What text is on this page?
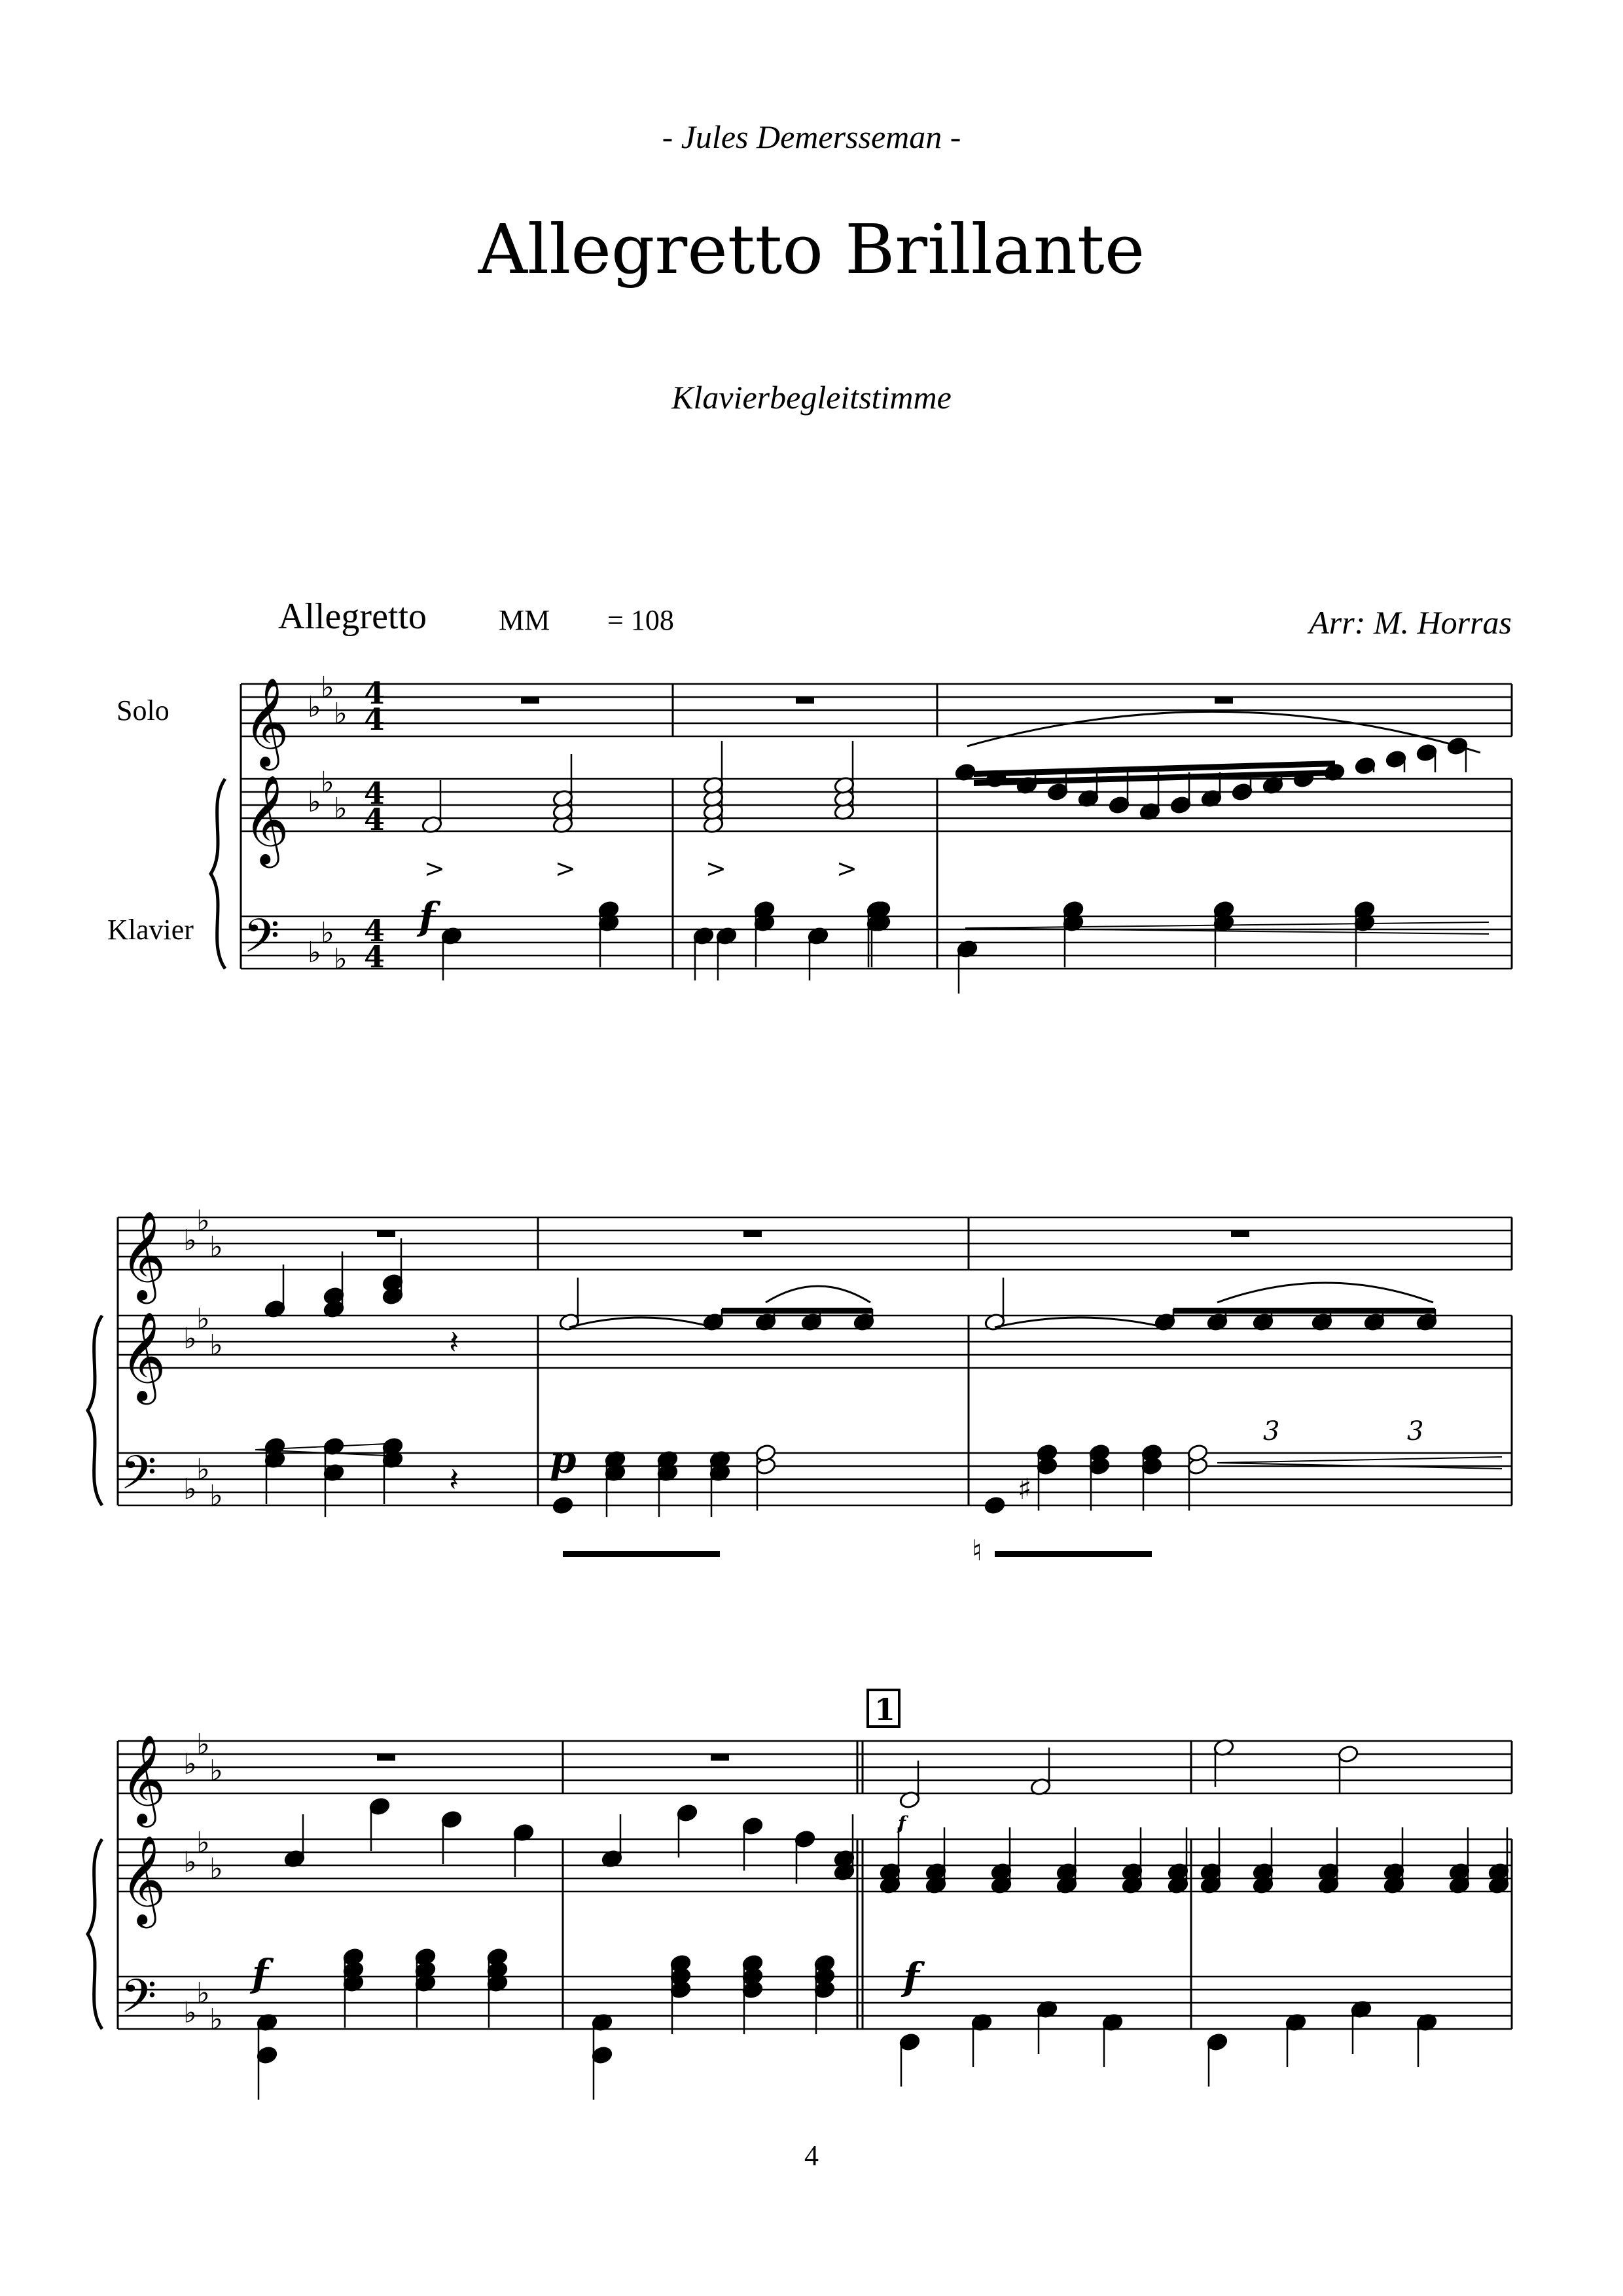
- Jules Demersseman -
Allegretto Brillante
Klavierbegleitstimme
Allegretto MM = 108	Arr: M. Horras
Solo
Klavier
4
𝄞 ♭
♭
♭
4
4
𝄞 ♭
♭
♭ 4
4
𝄢 ♭
♭
♭
4
4
>	>	>	>
f
𝄞 ♭
♭
♭
𝄞 ♭
♭
♭
𝄢 ♭
♭
♭
𝄽
𝄽 p
3	3
♮
♯
𝄞 ♭
♭
♭
𝄞 ♭
♭
♭
𝄢 ♭
♭
♭
1
f
f	f
